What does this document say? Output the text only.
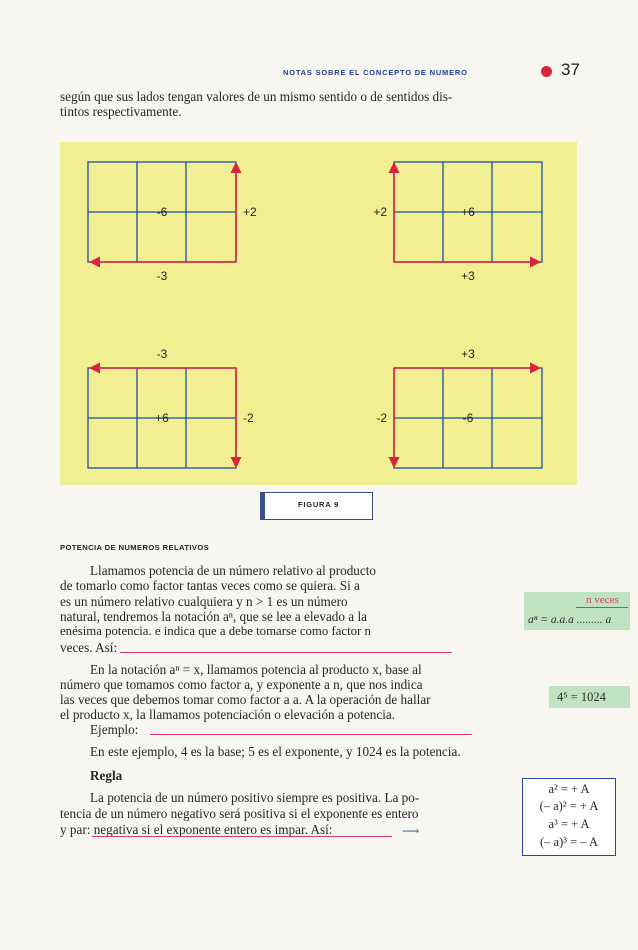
NOTAS SOBRE EL CONCEPTO DE NUMERO	37

según que sus lados tengan valores de un mismo sentido o de sentidos dis-

tintos respectivamente.

-6
-3
+2	+6
+3
+2
+6
-3
-2	-6
+3
-2
FIGURA 9
POTENCIA DE NUMEROS RELATIVOS

Llamamos potencia de un número relativo al producto

de tomarlo como factor tantas veces como se quiera. Si a

es un número relativo cualquiera y n > 1 es un número

natural, tendremos la notación aⁿ, que se lee a elevado a la

enésima potencia. e indica que a debe tomarse como factor n

veces. Así:

En la notación aⁿ = x, llamamos potencia al producto x, base al

número que tomamos como factor a, y exponente a n, que nos indica

las veces que debemos tomar como factor a a. A la operación de hallar

el producto x, la llamamos potenciación o elevación a potencia.

Ejemplo:

En este ejemplo, 4 es la base; 5 es el exponente, y 1024 es la potencia.

Regla

La potencia de un número positivo siempre es positiva. La po-

tencia de un número negativo será positiva si el exponente es entero

y par: negativa si el exponente entero es impar. Así:	⟶
n veces
aⁿ = a.a.a ......... a
4⁵ = 1024
a² = + A
(– a)² = + A
a³ = + A
(– a)³ = – A
